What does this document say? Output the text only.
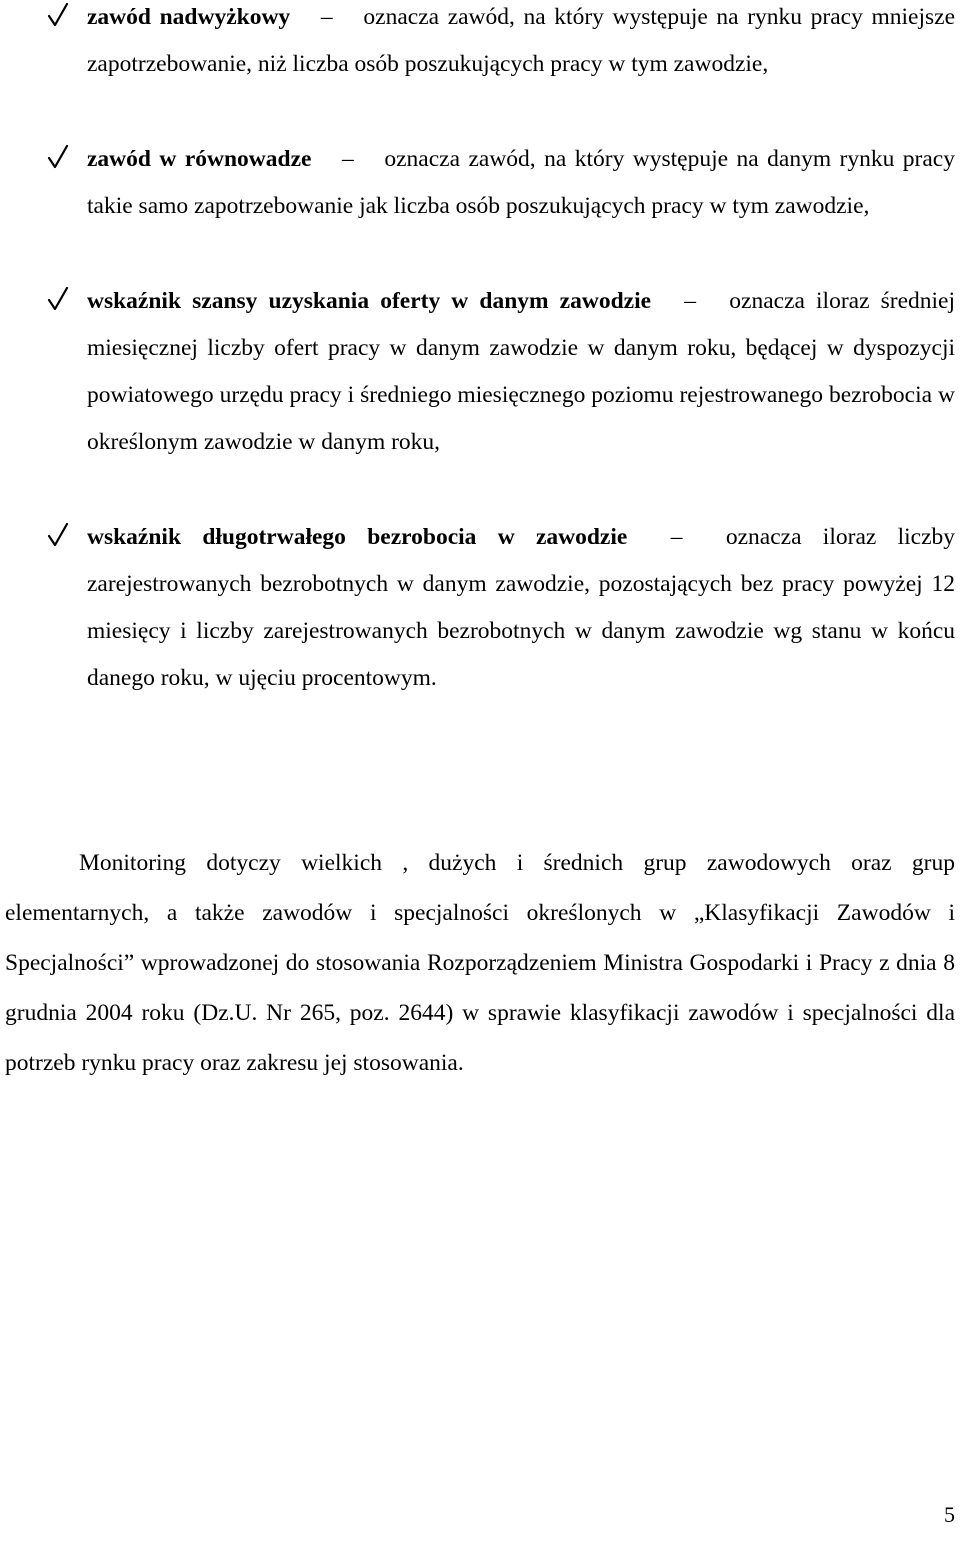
zawód nadwyżkowy – oznacza zawód, na który występuje na rynku pracy mniejsze zapotrzebowanie, niż liczba osób poszukujących pracy w tym zawodzie,
zawód w równowadze – oznacza zawód, na który występuje na danym rynku pracy takie samo zapotrzebowanie jak liczba osób poszukujących pracy w tym zawodzie,
wskaźnik szansy uzyskania oferty w danym zawodzie – oznacza iloraz średniej miesięcznej liczby ofert pracy w danym zawodzie w danym roku, będącej w dyspozycji powiatowego urzędu pracy i średniego miesięcznego poziomu rejestrowanego bezrobocia w określonym zawodzie w danym roku,
wskaźnik długotrwałego bezrobocia w zawodzie – oznacza iloraz liczby zarejestrowanych bezrobotnych w danym zawodzie, pozostających bez pracy powyżej 12 miesięcy i liczby zarejestrowanych bezrobotnych w danym zawodzie wg stanu w końcu danego roku, w ujęciu procentowym.

Monitoring dotyczy wielkich , dużych i średnich grup zawodowych oraz grup elementarnych, a także zawodów i specjalności określonych w „Klasyfikacji Zawodów i Specjalności” wprowadzonej do stosowania Rozporządzeniem Ministra Gospodarki i Pracy z dnia 8 grudnia 2004 roku (Dz.U. Nr 265, poz. 2644) w sprawie klasyfikacji zawodów i specjalności dla potrzeb rynku pracy oraz zakresu jej stosowania.

5
